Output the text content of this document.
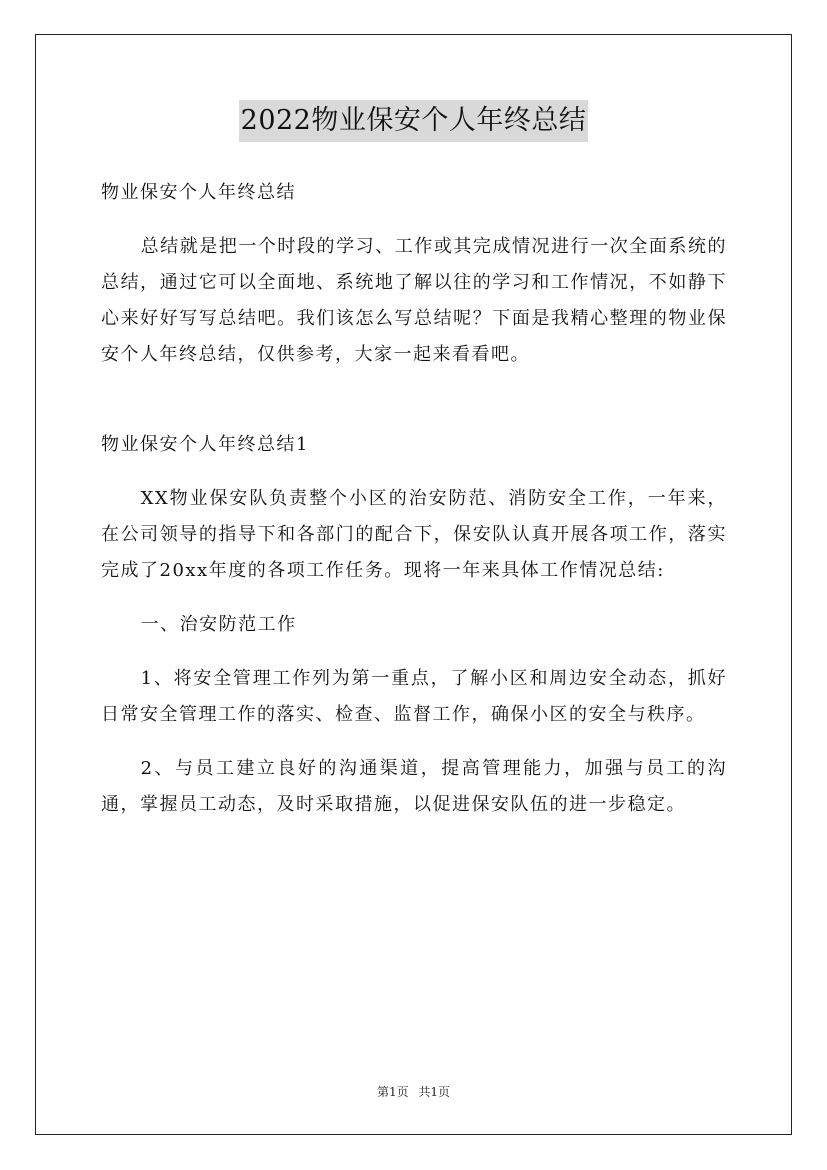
2022物业保安个人年终总结

物业保安个人年终总结

总结就是把一个时段的学习、工作或其完成情况进行一次全面系统的总结，通过它可以全面地、系统地了解以往的学习和工作情况，不如静下心来好好写写总结吧。我们该怎么写总结呢？下面是我精心整理的物业保安个人年终总结，仅供参考，大家一起来看看吧。

物业保安个人年终总结1

XX物业保安队负责整个小区的治安防范、消防安全工作，一年来，在公司领导的指导下和各部门的配合下，保安队认真开展各项工作，落实完成了20xx年度的各项工作任务。现将一年来具体工作情况总结:

一、治安防范工作

1、将安全管理工作列为第一重点，了解小区和周边安全动态，抓好日常安全管理工作的落实、检查、监督工作，确保小区的安全与秩序。

2、与员工建立良好的沟通渠道，提高管理能力，加强与员工的沟通，掌握员工动态，及时采取措施，以促进保安队伍的进一步稳定。

第1页 共1页
